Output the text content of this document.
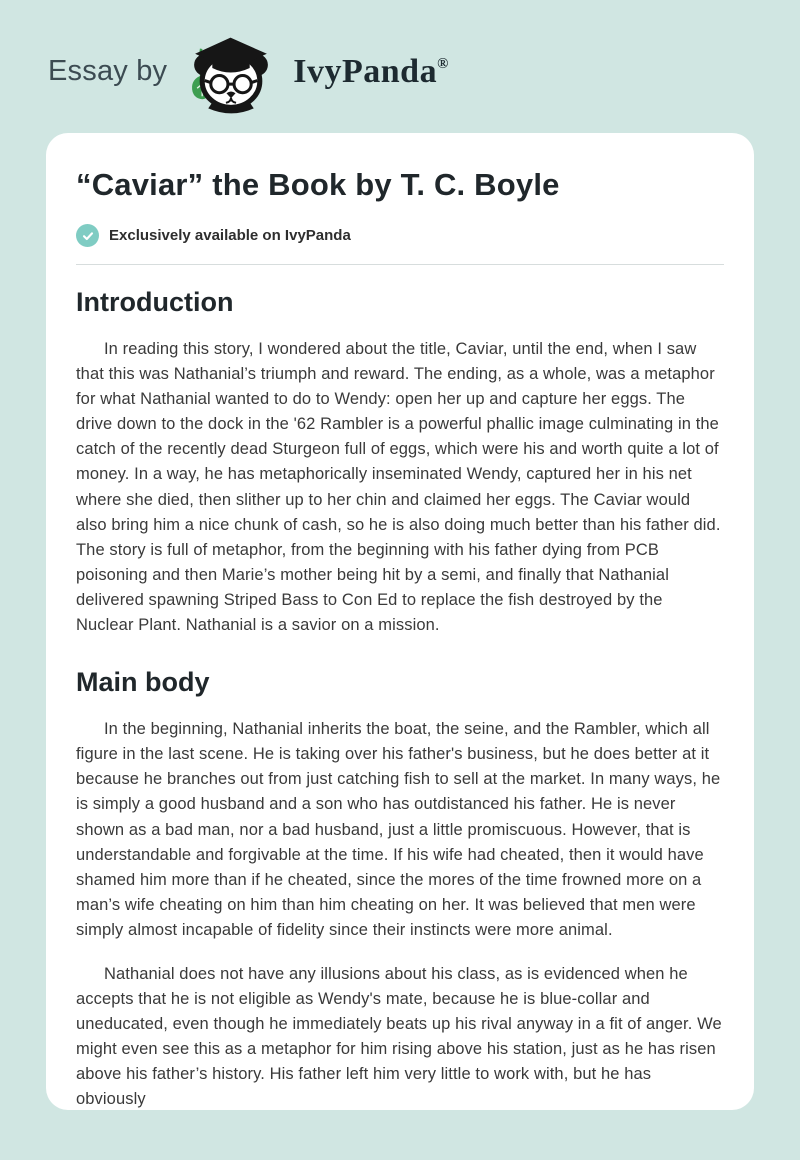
Essay by	IvyPanda®
“Caviar” the Book by T. C. Boyle
Exclusively available on IvyPanda
Introduction

In reading this story, I wondered about the title, Caviar, until the end, when I saw that this was Nathanial’s triumph and reward. The ending, as a whole, was a metaphor for what Nathanial wanted to do to Wendy: open her up and capture her eggs. The drive down to the dock in the '62 Rambler is a powerful phallic image culminating in the catch of the recently dead Sturgeon full of eggs, which were his and worth quite a lot of money. In a way, he has metaphorically inseminated Wendy, captured her in his net where she died, then slither up to her chin and claimed her eggs. The Caviar would also bring him a nice chunk of cash, so he is also doing much better than his father did. The story is full of metaphor, from the beginning with his father dying from PCB poisoning and then Marie’s mother being hit by a semi, and finally that Nathanial delivered spawning Striped Bass to Con Ed to replace the fish destroyed by the Nuclear Plant. Nathanial is a savior on a mission.

Main body

In the beginning, Nathanial inherits the boat, the seine, and the Rambler, which all figure in the last scene. He is taking over his father's business, but he does better at it because he branches out from just catching fish to sell at the market. In many ways, he is simply a good husband and a son who has outdistanced his father. He is never shown as a bad man, nor a bad husband, just a little promiscuous. However, that is understandable and forgivable at the time. If his wife had cheated, then it would have shamed him more than if he cheated, since the mores of the time frowned more on a man’s wife cheating on him than him cheating on her. It was believed that men were simply almost incapable of fidelity since their instincts were more animal.

Nathanial does not have any illusions about his class, as is evidenced when he accepts that he is not eligible as Wendy's mate, because he is blue-collar and uneducated, even though he immediately beats up his rival anyway in a fit of anger. We might even see this as a metaphor for him rising above his station, just as he has risen above his father’s history. His father left him very little to work with, but he has obviously
